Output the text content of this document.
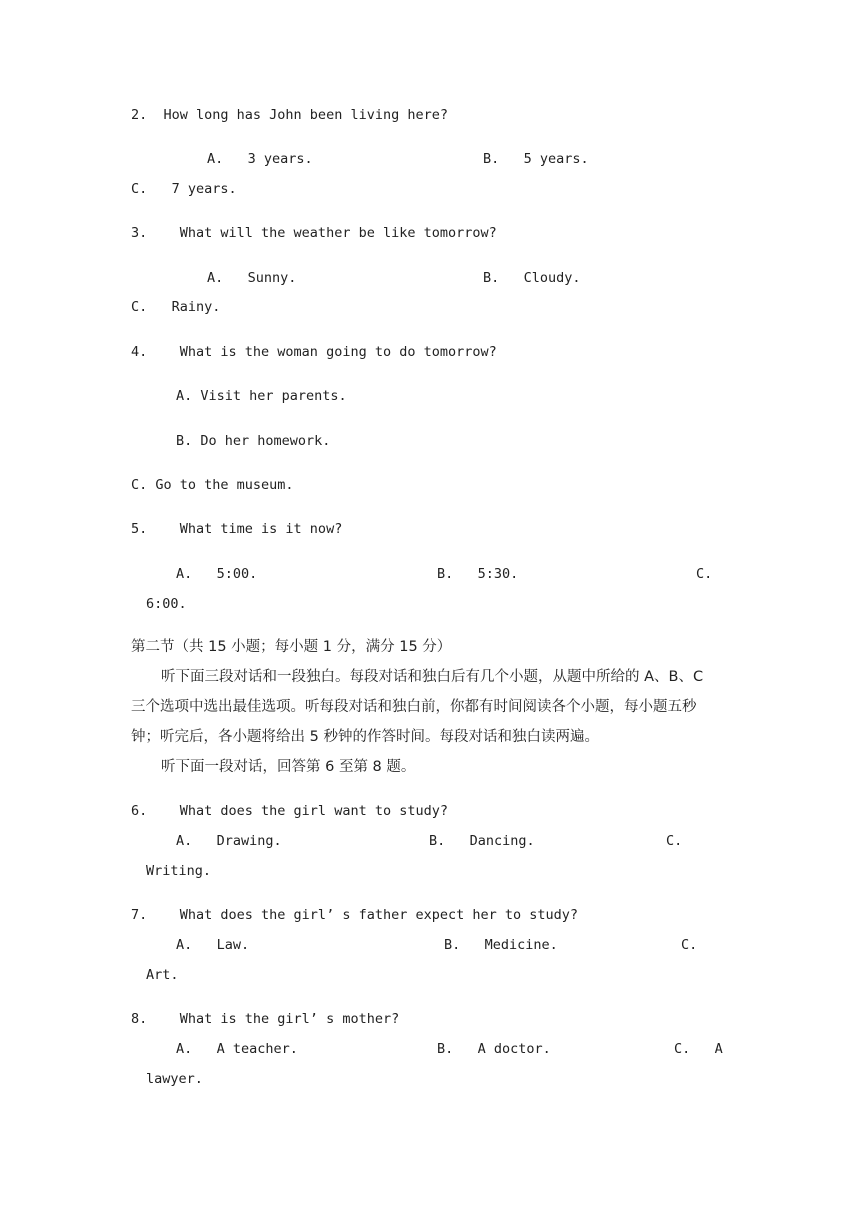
2.  How long has John been living here?
A.   3 years.	B.   5 years.
C.   7 years.
3.    What will the weather be like tomorrow?
A.   Sunny.	B.   Cloudy.
C.   Rainy.
4.    What is the woman going to do tomorrow?
A. Visit her parents.
B. Do her homework.
C. Go to the museum.
5.    What time is it now?
A.   5:00.	B.   5:30.	C.
6:00.
第二节（共 15 小题；每小题 1 分，满分 15 分）
听下面三段对话和一段独白。每段对话和独白后有几个小题，从题中所给的 A、B、C
三个选项中选出最佳选项。听每段对话和独白前，你都有时间阅读各个小题，每小题五秒
钟；听完后，各小题将给出 5 秒钟的作答时间。每段对话和独白读两遍。
听下面一段对话，回答第 6 至第 8 题。
6.    What does the girl want to study?
A.   Drawing.	B.   Dancing.	C.
Writing.
7.    What does the girl’ s father expect her to study?
A.   Law.	B.   Medicine.	C.
Art.
8.    What is the girl’ s mother?
A.   A teacher.	B.   A doctor.	C.   A
lawyer.
